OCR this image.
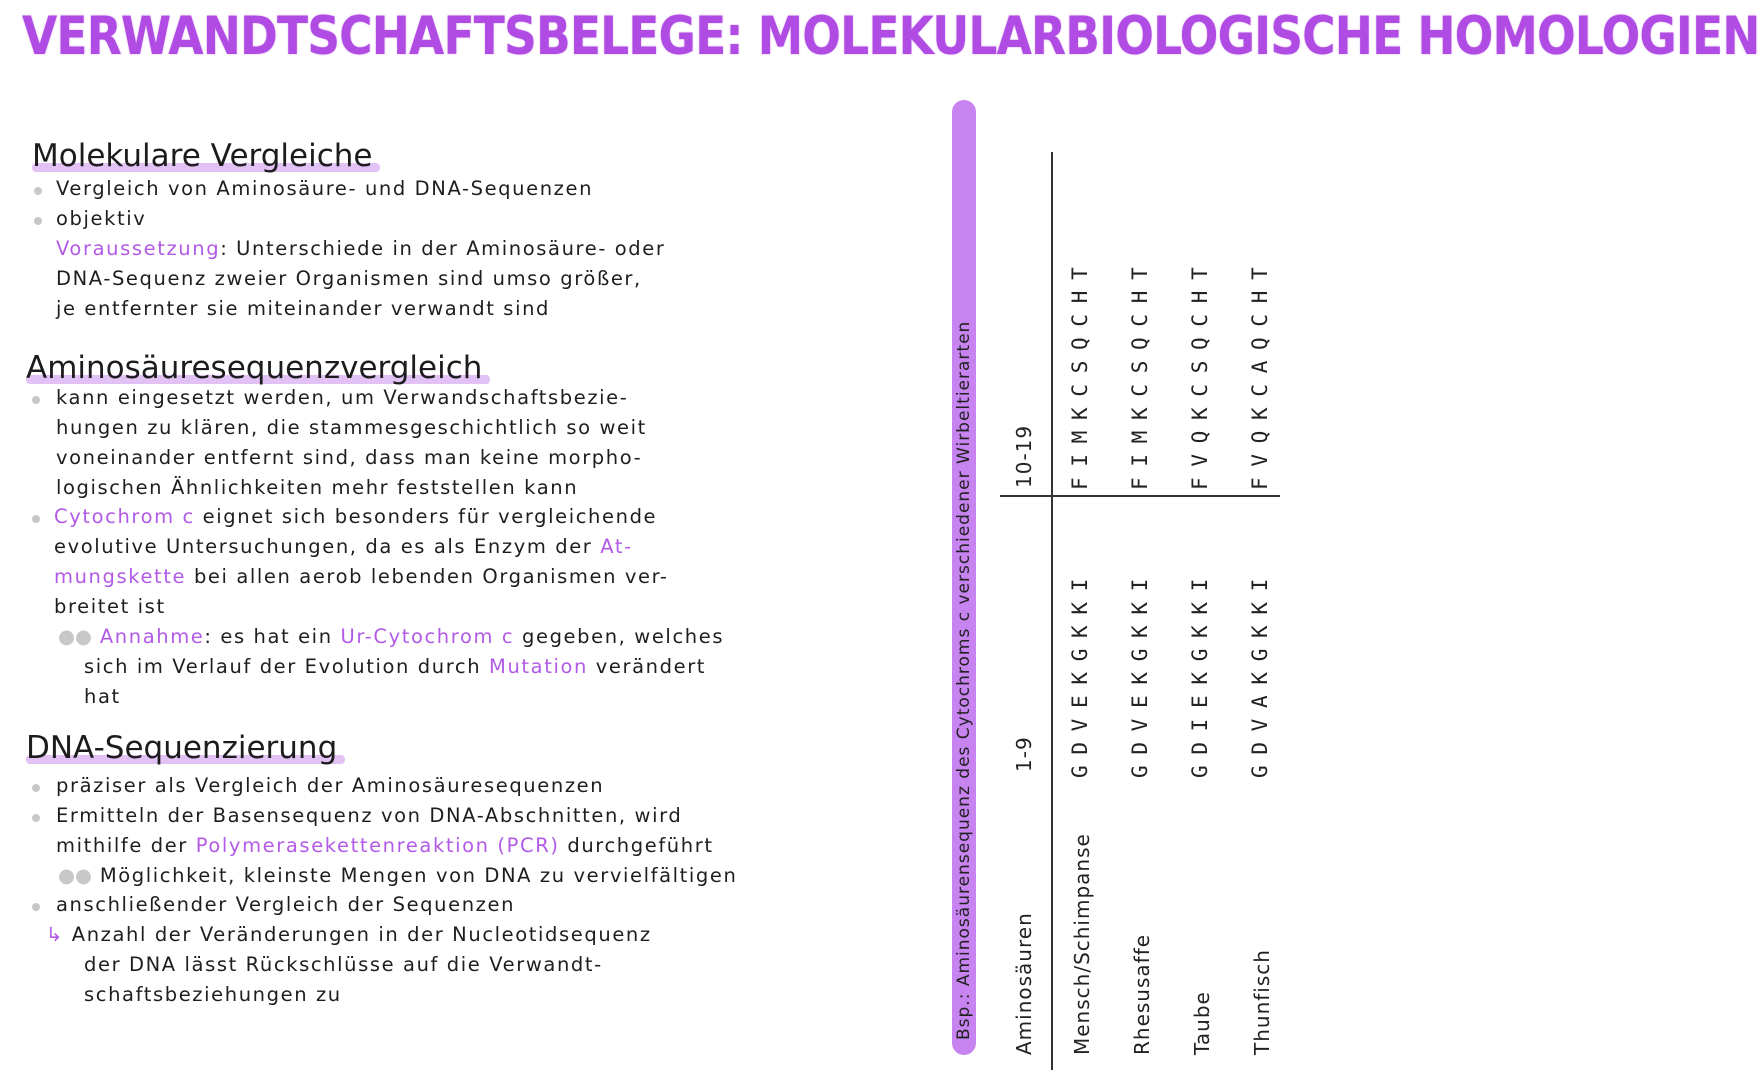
VERWANDTSCHAFTSBELEGE: MOLEKULARBIOLOGISCHE HOMOLOGIEN
Molekulare Vergleiche
Vergleich von Aminosäure- und DNA-Sequenzen
objektiv
Voraussetzung: Unterschiede in der Aminosäure- oder
DNA-Sequenz zweier Organismen sind umso größer,
je entfernter sie miteinander verwandt sind
Aminosäuresequenzvergleich
kann eingesetzt werden, um Verwandschaftsbezie-
hungen zu klären, die stammesgeschichtlich so weit
voneinander entfernt sind, dass man keine morpho-
logischen Ähnlichkeiten mehr feststellen kann
Cytochrom c eignet sich besonders für vergleichende
evolutive Untersuchungen, da es als Enzym der At-
mungskette bei allen aerob lebenden Organismen ver-
breitet ist
●● Annahme: es hat ein Ur-Cytochrom c gegeben, welches
sich im Verlauf der Evolution durch Mutation verändert
hat
DNA-Sequenzierung
präziser als Vergleich der Aminosäuresequenzen
Ermitteln der Basensequenz von DNA-Abschnitten, wird
mithilfe der Polymerasekettenreaktion (PCR) durchgeführt
●● Möglichkeit, kleinste Mengen von DNA zu vervielfältigen
anschließender Vergleich der Sequenzen
↳ Anzahl der Veränderungen in der Nucleotidsequenz
der DNA lässt Rückschlüsse auf die Verwandt-
schaftsbeziehungen zu	Bsp.: Aminosäurensequenz des Cytochroms c verschiedener Wirbeltierarten Aminosäuren
1-9
10-19
Mensch/Schimpanse
GDVEKGKKI
FIMKCSQCHT
Rhesusaffe
GDVEKGKKI
FIMKCSQCHT
Taube
GDIEKGKKI
FVQKCSQCHT
Thunfisch
GDVAKGKKI
FVQKCAQCHT
